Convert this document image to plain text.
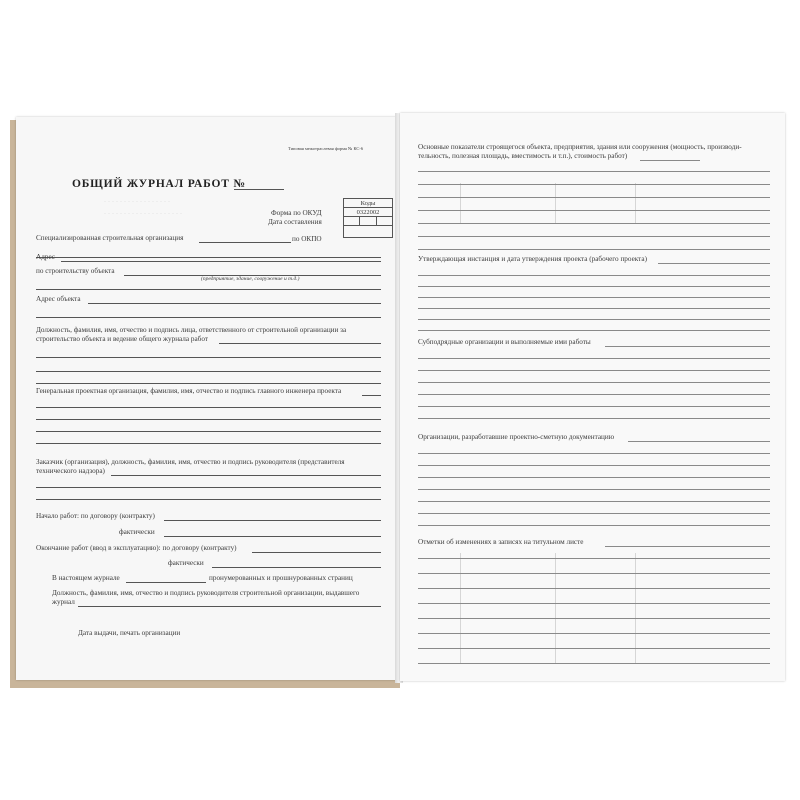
Типовая межотраслевая форма № КС-6
. . . . . . . . . . . . . . . . .
. . . . . . . . . . . . . . . . . . . .
ОБЩИЙ ЖУРНАЛ РАБОТ №
Коды
0322002

Форма по ОКУД
Дата составления
Специализированная строительная организация	по ОКПО
Адрес
по строительству объекта
(предприятие, здание, сооружение и т.д.)
Адрес объекта
Должность, фамилия, имя, отчество и подпись лица, ответственного от строительной организации за
строительство объекта и ведение общего журнала работ
Генеральная проектная организация, фамилия, имя, отчество и подпись главного инженера проекта
Заказчик (организация), должность, фамилия, имя, отчество и подпись руководителя (представителя
технического надзора)
Начало работ: по договору (контракту)
фактически
Окончание работ (ввод в эксплуатацию): по договору (контракту)
фактически
В настоящем журнале	пронумерованных и прошнурованных страниц
Должность, фамилия, имя, отчество и подпись руководителя строительной организации, выдавшего
журнал
Дата выдачи, печать организации
Основные показатели строящегося объекта, предприятия, здания или сооружения (мощность, производи-
тельность, полезная площадь, вместимость и т.п.), стоимость работ)
Утверждающая инстанция и дата утверждения проекта (рабочего проекта)
Субподрядные организации и выполняемые ими работы
Организации, разработавшие проектно-сметную документацию
Отметки об изменениях в записях на титульном листе
